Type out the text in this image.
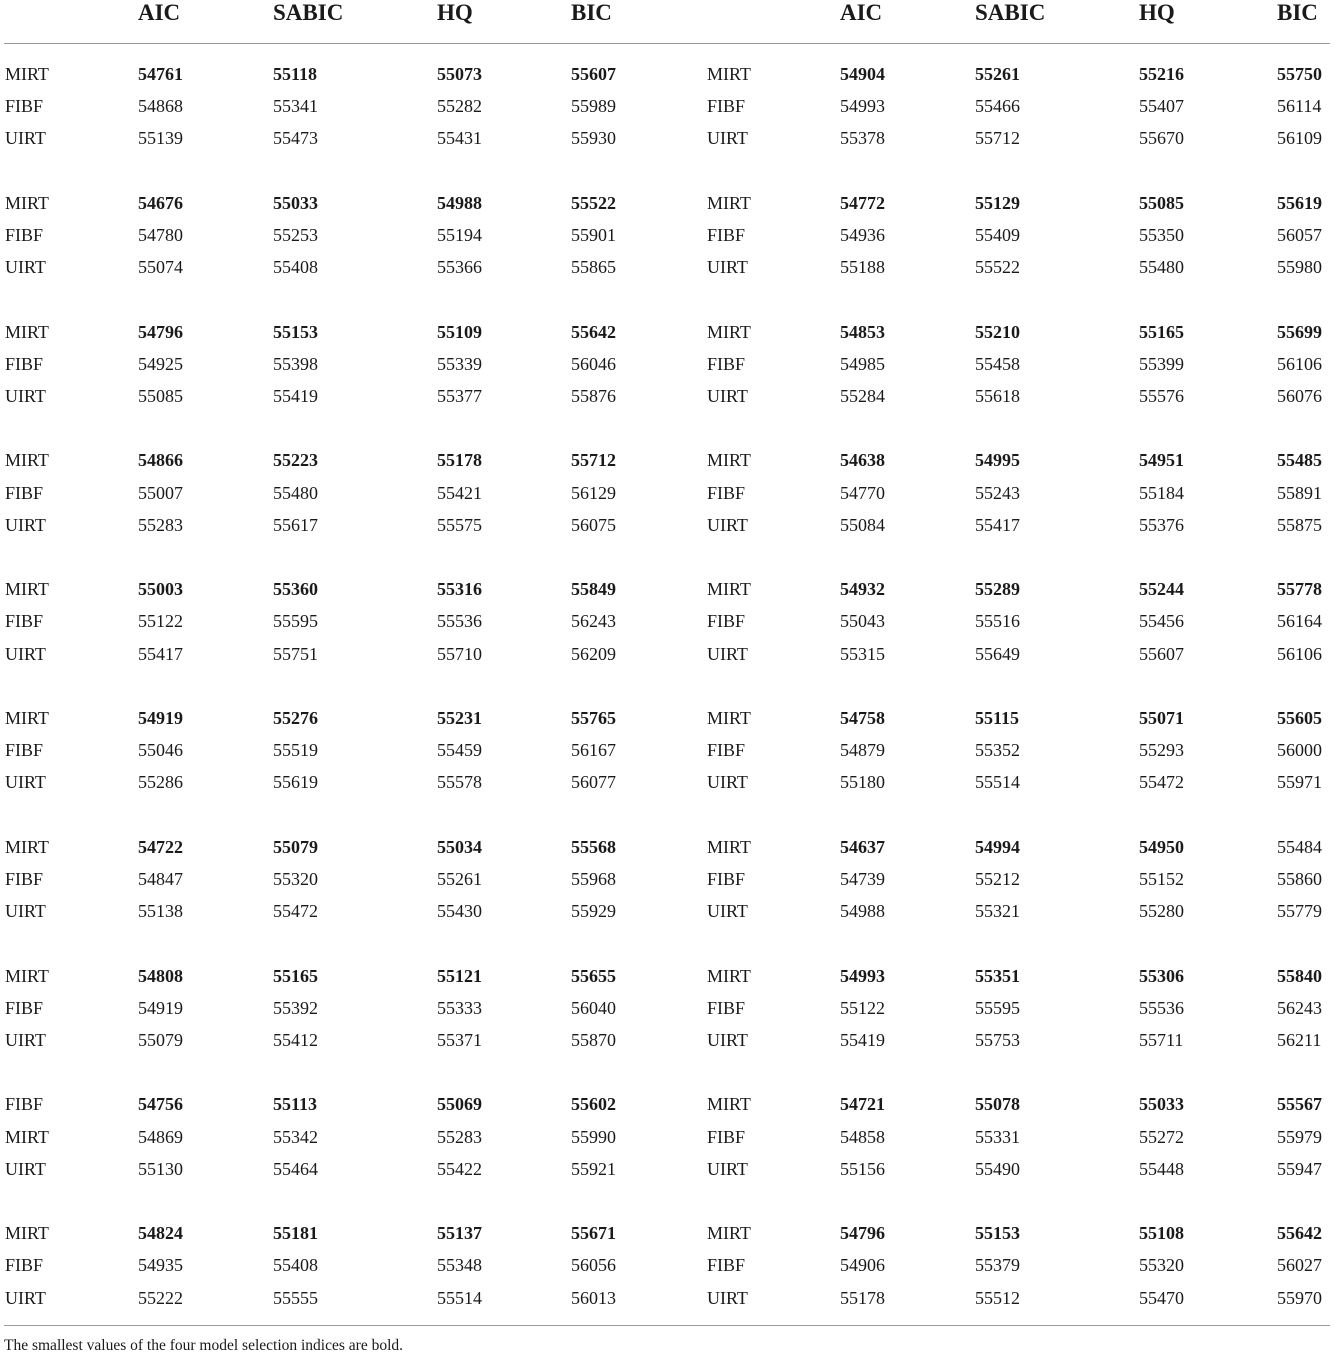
AIC	SABIC	HQ	BIC	AIC	SABIC	HQ	BIC
MIRT	54761	55118	55073	55607
FIBF	54868	55341	55282	55989
UIRT	55139	55473	55431	55930
MIRT	54904	55261	55216	55750
FIBF	54993	55466	55407	56114
UIRT	55378	55712	55670	56109
MIRT	54676	55033	54988	55522
FIBF	54780	55253	55194	55901
UIRT	55074	55408	55366	55865
MIRT	54772	55129	55085	55619
FIBF	54936	55409	55350	56057
UIRT	55188	55522	55480	55980
MIRT	54796	55153	55109	55642
FIBF	54925	55398	55339	56046
UIRT	55085	55419	55377	55876
MIRT	54853	55210	55165	55699
FIBF	54985	55458	55399	56106
UIRT	55284	55618	55576	56076
MIRT	54866	55223	55178	55712
FIBF	55007	55480	55421	56129
UIRT	55283	55617	55575	56075
MIRT	54638	54995	54951	55485
FIBF	54770	55243	55184	55891
UIRT	55084	55417	55376	55875
MIRT	55003	55360	55316	55849
FIBF	55122	55595	55536	56243
UIRT	55417	55751	55710	56209
MIRT	54932	55289	55244	55778
FIBF	55043	55516	55456	56164
UIRT	55315	55649	55607	56106
MIRT	54919	55276	55231	55765
FIBF	55046	55519	55459	56167
UIRT	55286	55619	55578	56077
MIRT	54758	55115	55071	55605
FIBF	54879	55352	55293	56000
UIRT	55180	55514	55472	55971
MIRT	54722	55079	55034	55568
FIBF	54847	55320	55261	55968
UIRT	55138	55472	55430	55929
MIRT	54637	54994	54950	55484
FIBF	54739	55212	55152	55860
UIRT	54988	55321	55280	55779
MIRT	54808	55165	55121	55655
FIBF	54919	55392	55333	56040
UIRT	55079	55412	55371	55870
MIRT	54993	55351	55306	55840
FIBF	55122	55595	55536	56243
UIRT	55419	55753	55711	56211
FIBF	54756	55113	55069	55602
MIRT	54869	55342	55283	55990
UIRT	55130	55464	55422	55921
MIRT	54721	55078	55033	55567
FIBF	54858	55331	55272	55979
UIRT	55156	55490	55448	55947
MIRT	54824	55181	55137	55671
FIBF	54935	55408	55348	56056
UIRT	55222	55555	55514	56013
MIRT	54796	55153	55108	55642
FIBF	54906	55379	55320	56027
UIRT	55178	55512	55470	55970
The smallest values of the four model selection indices are bold.
